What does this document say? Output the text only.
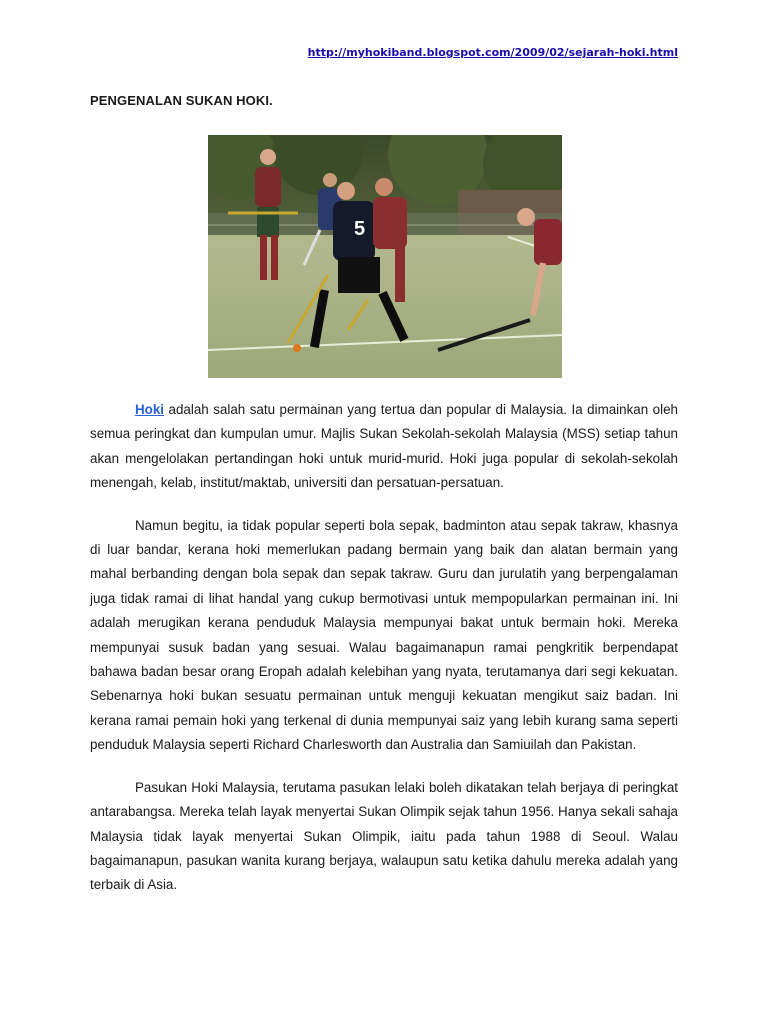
http://myhokiband.blogspot.com/2009/02/sejarah-hoki.html
PENGENALAN SUKAN HOKI.
5

Hoki adalah salah satu permainan yang tertua dan popular di Malaysia. Ia dimainkan oleh semua peringkat dan kumpulan umur. Majlis Sukan Sekolah-sekolah Malaysia (MSS) setiap tahun akan mengelolakan pertandingan hoki untuk murid-murid. Hoki juga popular di sekolah-sekolah menengah, kelab, institut/maktab, universiti dan persatuan-persatuan.

Namun begitu, ia tidak popular seperti bola sepak, badminton atau sepak takraw, khasnya di luar bandar, kerana hoki memerlukan padang bermain yang baik dan alatan bermain yang mahal berbanding dengan bola sepak dan sepak takraw. Guru dan jurulatih yang berpengalaman juga tidak ramai di lihat handal yang cukup bermotivasi untuk mempopularkan permainan ini. Ini adalah merugikan kerana penduduk Malaysia mempunyai bakat untuk bermain hoki. Mereka mempunyai susuk badan yang sesuai. Walau bagaimanapun ramai pengkritik berpendapat bahawa badan besar orang Eropah adalah kelebihan yang nyata, terutamanya dari segi kekuatan. Sebenarnya hoki bukan sesuatu permainan untuk menguji kekuatan mengikut saiz badan. Ini kerana ramai pemain hoki yang terkenal di dunia mempunyai saiz yang lebih kurang sama seperti penduduk Malaysia seperti Richard Charlesworth dan Australia dan Samiuilah dan Pakistan.

Pasukan Hoki Malaysia, terutama pasukan lelaki boleh dikatakan telah berjaya di peringkat antarabangsa. Mereka telah layak menyertai Sukan Olimpik sejak tahun 1956. Hanya sekali sahaja Malaysia tidak layak menyertai Sukan Olimpik, iaitu pada tahun 1988 di Seoul. Walau bagaimanapun, pasukan wanita kurang berjaya, walaupun satu ketika dahulu mereka adalah yang terbaik di Asia.
